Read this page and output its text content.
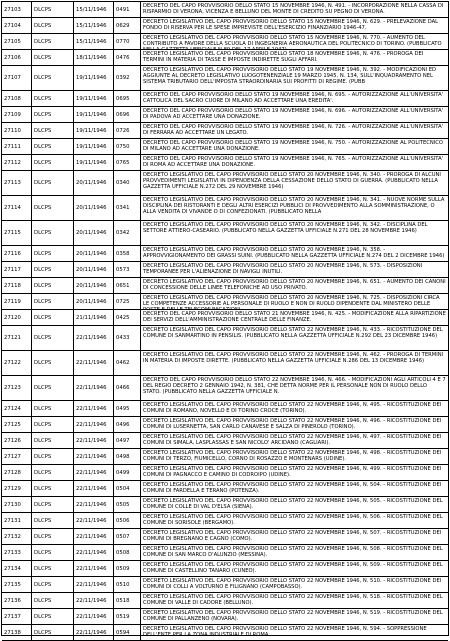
27103	DLCPS	15/11/1946	0491
DECRETO DEL CAPO PROVVISORIO DELLO STATO 15 NOVEMBRE 1946, N. 491. - INCORPORAZIONE NELLA CASSA DI RISPARMIO DI VERONA, VICENZA E BELLUNO DEL MONTE DI CREDITO SU PEGNO DI VERONA.
27104	DLCPS	15/11/1946	0629
DECRETO LEGISLATIVO DEL CAPO PROVVISORIO DELLO STATO 15 NOVEMBRE 1946, N. 629. - PRELEVAZIONE DAL FONDO DI RISERVA PER LE SPESE IMPREVISTE DELL'ESERCIZIO FINANZIARIO 1946-47.
27105	DLCPS	15/11/1946	0770
DECRETO LEGISLATIVO DEL CAPO PROVVISORIO DELLO STATO 15 NOVEMBRE 1946, N. 770. - AUMENTO DEL CONTRIBUTO A FAVORE DELLA SCUOLA DI INGEGNERIA AERONAUTICA DEL POLITECNICO DI TORINO. (PUBBLICATO
27106	DLCPS	18/11/1946	0476
DECRETO LEGISLATIVO DEL CAPO PROVVISORIO DELLO STATO 18 NOVEMBRE 1946, N. 476. - PROROGA DEI TERMINI IN MATERIA DI TASSE E IMPOSTE INDIRETTE SUGLI AFFARI.
27107	DLCPS	19/11/1946	0392
DECRETO LEGISLATIVO DEL CAPO PROVVISORIO DELLO STATO 19 NOVEMBRE 1946, N. 392. - MODIFICAZIONI ED AGGIUNTE AL DECRETO LEGISLATIVO LUOGOTENENZIALE 19 MARZO 1945, N. 134, SULL'INQUADRAMENTO NEL SISTEMA TRIBUTARIO DELL'IMPOSTA STRAORDINARIA SUI PROFITTI DI REGIME. (PUBB
27108	DLCPS	19/11/1946	0695
DECRETO DEL CAPO PROVVISORIO DELLO STATO 19 NOVEMBRE 1946, N. 695. - AUTORIZZAZIONE ALL'UNIVERSITA' CATTOLICA DEL SACRO CUORE DI MILANO AD ACCETTARE UNA EREDITA'.
27109	DLCPS	19/11/1946	0696
DECRETO DEL CAPO PROVVISORIO DELLO STATO 19 NOVEMBRE 1946, N. 696. - AUTORIZZAZIONE ALL'UNIVERSITA' DI PADOVA AD ACCETTARE UNA DONAZIONE.
27110	DLCPS	19/11/1946	0726
DECRETO DEL CAPO PROVVISORIO DELLO STATO 19 NOVEMBRE 1946, N. 726. - AUTORIZZAZIONE ALL'UNIVERSITA' DI FERRARA AD ACCETTARE UN LEGATO.
27111	DLCPS	19/11/1946	0750
DECRETO DEL CAPO PROVVISORIO DELLO STATO 19 NOVEMBRE 1946, N. 750. - AUTORIZZAZIONE AL POLITECNICO DI MILANO AD ACCETTARE UNA DONAZIONE.
27112	DLCPS	19/11/1946	0765
DECRETO DEL CAPO PROVVISORIO DELLO STATO 19 NOVEMBRE 1946, N. 765. - AUTORIZZAZIONE ALL'UNIVERSITA' DI ROMA AD ACCETTARE UNA DONAZIONE.
27113	DLCPS	20/11/1946	0340
DECRETO LEGISLATIVO DEL CAPO PROVVISORIO DELLO STATO 20 NOVEMBRE 1946, N. 340. - PROROGA DI ALCUNI PROVVEDIMENTI LEGISLATIVI IN DIPENDENZA DELLA CESSAZIONE DELLO STATO DI GUERRA. (PUBBLICATO NELLA GAZZETTA UFFICIALE N.272 DEL 29 NOVEMBRE 1946)
27114	DLCPS	20/11/1946	0341
DECRETO LEGISLATIVO DEL CAPO PROVVISORIO DELLO STATO 20 NOVEMBRE 1946, N. 341. - NUOVE NORME SULLA DISCIPLINA DEI RISTORANTI E DEGLI ALTRI ESERCIZI PUBBLICI DI PROVVEDIMENTO ALLA SOMMINISTRAZIONE, O ALLA VENDITA DI VIVANDE O DI CONFEZIONATI. (PUBBLICATO NELLA
27115	DLCPS	20/11/1946	0342
DECRETO LEGISLATIVO DEL CAPO PROVVISORIO DELLO STATO 20 NOVEMBRE 1946, N. 342. - DISCIPLINA DEL SETTORE ATTIERO-CASEARIO. (PUBBLICATO NELLA GAZZETTA UFFICIALE N.271 DEL 28 NOVEMBRE 1946)
27116	DLCPS	20/11/1946	0358
DECRETO LEGISLATIVO DEL CAPO PROVVISORIO DELLO STATO 20 NOVEMBRE 1946, N. 358. - APPROVVIGIONAMENTO DEI GRASSI SUINI. (PUBBLICATO NELLA GAZZETTA UFFICIALE N.274 DEL 2 DICEMBRE 1946)
27117	DLCPS	20/11/1946	0573
DECRETO LEGISLATIVO DEL CAPO PROVVISORIO DELLO STATO 20 NOVEMBRE 1946, N. 573. - DISPOSIZIONI TEMPORANEE PER L'ALIENAZIONE DI NAVIGLI INUTILI.
27118	DLCPS	20/11/1946	0651
DECRETO LEGISLATIVO DEL CAPO PROVVISORIO DELLO STATO 20 NOVEMBRE 1946, N. 651. - AUMENTO DEI CANONI DI CONCESSIONE DELLE LINEE TELEFONICHE AD USO PRIVATO.
27119	DLCPS	20/11/1946	0725
DECRETO LEGISLATIVO DEL CAPO PROVVISORIO DELLO STATO 20 NOVEMBRE 1946, N. 725. - DISPOSIZIONI CIRCA LE COMPETENZE ACCESSORIE AL PERSONALE DI RUOLO E NON DI RUOLO DIPENDENTE DAL MINISTERO DELLE
27120	DLCPS	21/11/1946	0425
DECRETO DEL CAPO PROVVISORIO DELLO STATO 21 NOVEMBRE 1946, N. 425. - MODIFICAZIONE ALLA RIPARTIZIONE DEI SERVIZI DELL'AMMINISTRAZIONE CENTRALE DELLE FINANZE.
27121	DLCPS	22/11/1946	0433
DECRETO LEGISLATIVO DEL CAPO PROVVISORIO DELLO STATO 22 NOVEMBRE 1946, N. 433. - RICOSTITUZIONE DEL COMUNE DI SANMARTINO IN PENSILIS. (PUBBLICATO NELLA GAZZETTA UFFICIALE N.292 DEL 23 DICEMBRE 1946)
27122	DLCPS	22/11/1946	0462
DECRETO LEGISLATIVO DEL CAPO PROVVISORIO DELLO STATO 22 NOVEMBRE 1946, N. 462. - PROROGA DI TERMINI IN MATERIA DI IMPOSTE DIRETTE. (PUBBLICATO NELLA GAZZETTA UFFICIALE N.286 DEL 13 DICEMBRE 1946)
27123	DLCPS	22/11/1946	0466
DECRETO DEL CAPO PROVVISORIO DELLO STATO 22 NOVEMBRE 1946, N. 466. - MODIFICAZIONI AGLI ARTICOLI 4 E 7 DEL REGIO DECRETO 2 GENNAIO 1942, N. 381, CHE DETTA NORME PER IL PERSONALE NON DI RUOLO DELLO STATO. (PUBBLICATO NELLA GAZZETTA UFFICIALE N.
27124	DLCPS	22/11/1946	0495
DECRETO LEGISLATIVO DEL CAPO PROVVISORIO DELLO STATO 22 NOVEMBRE 1946, N. 495. - RICOSTITUZIONE DEI COMUNI DI ROMANO, NOVELLO E DI TORINO CROCE (TORINO).
27125	DLCPS	22/11/1946	0496
DECRETO LEGISLATIVO DEL CAPO PROVVISORIO DELLO STATO 22 NOVEMBRE 1946, N. 496. - RICOSTITUZIONE DEI COMUNI DI LUSERNETTA, SAN CARLO CANAVESE E SALZA DI PINEROLO (TORINO).
27126	DLCPS	22/11/1946	0497
DECRETO LEGISLATIVO DEL CAPO PROVVISORIO DELLO STATO 22 NOVEMBRE 1946, N. 497. - RICOSTITUZIONE DEI COMUNI DI SIMALA, LASPLASSAS E SAN NICOLO' ARCIDANO (CAGLIARI).
27127	DLCPS	22/11/1946	0498
DECRETO LEGISLATIVO DEL CAPO PROVVISORIO DELLO STATO 22 NOVEMBRE 1946, N. 498. - RICOSTITUZIONE DEI COMUNI DI TERZO, FIUMICELLO, CORNO DI ROSAZZO E MONTENARS (UDINE).
27128	DLCPS	22/11/1946	0499
DECRETO LEGISLATIVO DEL CAPO PROVVISORIO DELLO STATO 22 NOVEMBRE 1946, N. 499. - RICOSTITUZIONE DEI COMUNI DI PAGNACCO E CAMINO DI CODROIPO (UDINE).
27129	DLCPS	22/11/1946	0504
DECRETO LEGISLATIVO DEL CAPO PROVVISORIO DELLO STATO 22 NOVEMBRE 1946, N. 504. - RICOSTITUZIONE DEI COMUNI DI FARDELLA E TERANO (POTENZA).
27130	DLCPS	22/11/1946	0505
DECRETO LEGISLATIVO DEL CAPO PROVVISORIO DELLO STATO 22 NOVEMBRE 1946, N. 505. - RICOSTITUZIONE DEL COMUNE DI COLLE DI VAL D'ELSA (SIENA).
27131	DLCPS	22/11/1946	0506
DECRETO LEGISLATIVO DEL CAPO PROVVISORIO DELLO STATO 22 NOVEMBRE 1946, N. 506. - RICOSTITUZIONE DEL COMUNE DI SORISOLE (BERGAMO).
27132	DLCPS	22/11/1946	0507
DECRETO LEGISLATIVO DEL CAPO PROVVISORIO DELLO STATO 22 NOVEMBRE 1946, N. 507. - RICOSTITUZIONE DEI COMUNI DI BREGNANO E CAGNO (COMO).
27133	DLCPS	22/11/1946	0508
DECRETO LEGISLATIVO DEL CAPO PROVVISORIO DELLO STATO 22 NOVEMBRE 1946, N. 508. - RICOSTITUZIONE DEL COMUNE DI SAN MARCO D'ALUNZIO (MESSINA).
27134	DLCPS	22/11/1946	0509
DECRETO LEGISLATIVO DEL CAPO PROVVISORIO DELLO STATO 22 NOVEMBRE 1946, N. 509. - RICOSTITUZIONE DEL COMUNE DI CASTELLINO TANARO (CUNEO).
27135	DLCPS	22/11/1946	0510
DECRETO LEGISLATIVO DEL CAPO PROVVISORIO DELLO STATO 22 NOVEMBRE 1946, N. 510. - RICOSTITUZIONE DEI COMUNI DI COLLI A VOLTURNO E FILIGNANO (CAMPOBASSO).
27136	DLCPS	22/11/1946	0518
DECRETO LEGISLATIVO DEL CAPO PROVVISORIO DELLO STATO 22 NOVEMBRE 1946, N. 518. - RICOSTITUZIONE DEL COMUNE DI VALLE DI CADORE (BELLUNO).
27137	DLCPS	22/11/1946	0519
DECRETO LEGISLATIVO DEL CAPO PROVVISORIO DELLO STATO 22 NOVEMBRE 1946, N. 519. - RICOSTITUZIONE DEL COMUNE DI PALLANZENO (NOVARA).
27138	DLCPS	22/11/1946	0594
DECRETO LEGISLATIVO DEL CAPO PROVVISORIO DELLO STATO 22 NOVEMBRE 1946, N. 594. - SOPPRESSIONE DELL'ENTE PER LA ZONA INDUSTRIALE DI ROMA.
